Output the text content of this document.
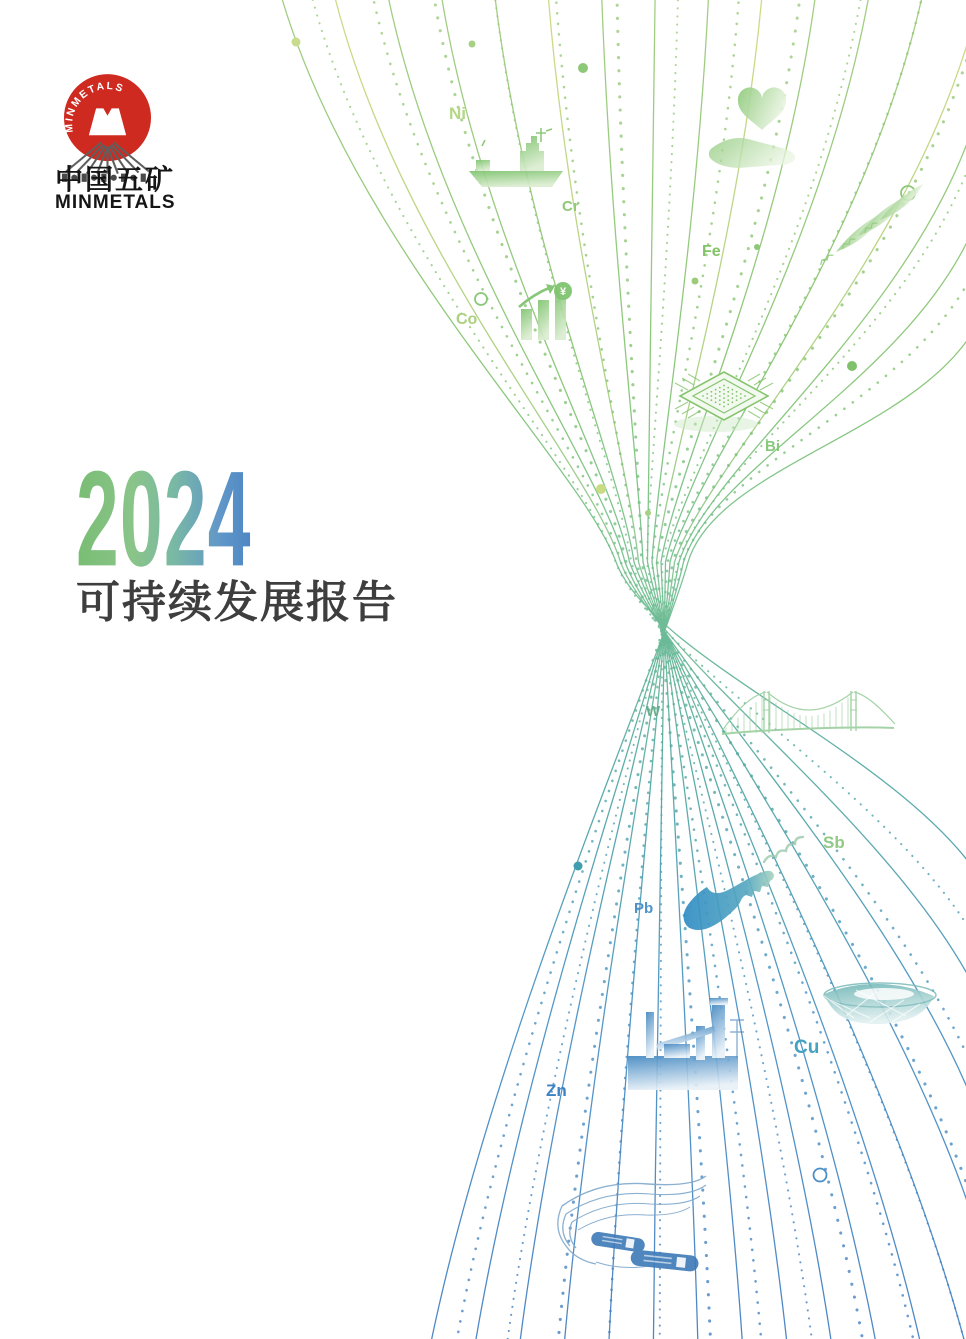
¥
MINMETALS
中国五矿
MINMETALS
2024
可持续发展报告
Ni
Cr
Fe
Co
Bi
W
Sb
Pb
Zn
Cu
